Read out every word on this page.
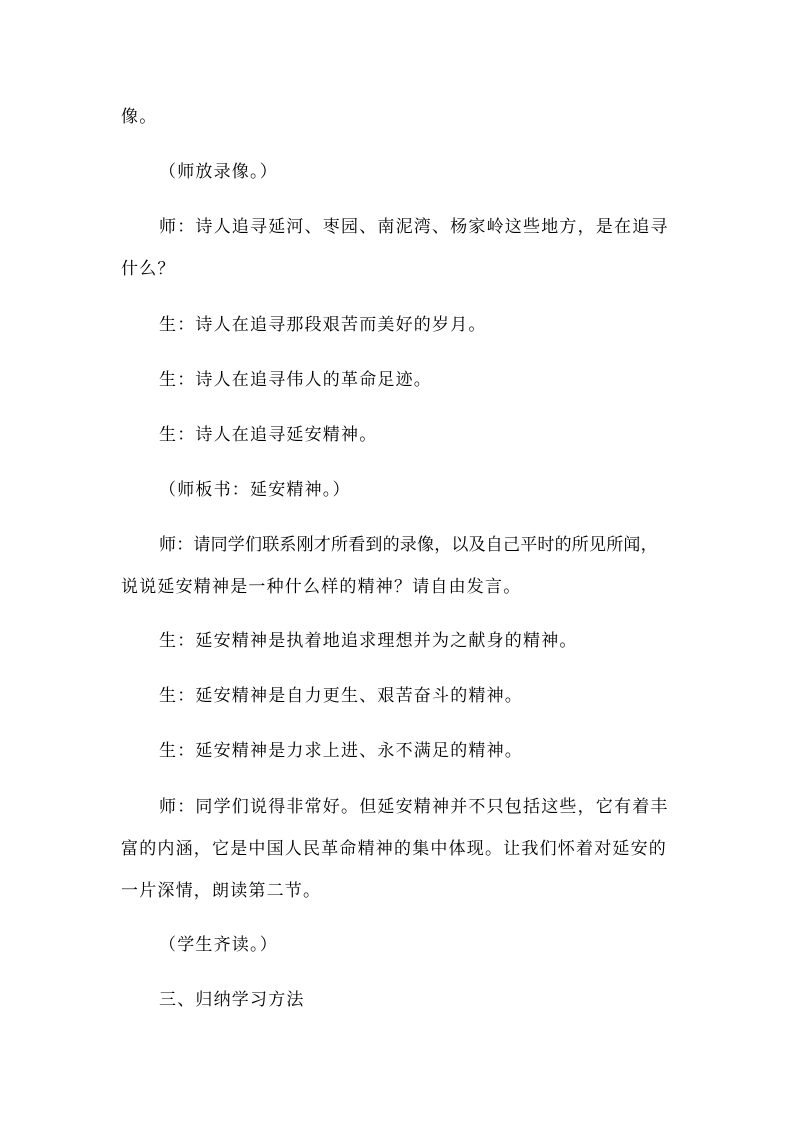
像。
（师放录像。）
师：诗人追寻延河、枣园、南泥湾、杨家岭这些地方，是在追寻
什么？
生：诗人在追寻那段艰苦而美好的岁月。
生：诗人在追寻伟人的革命足迹。
生：诗人在追寻延安精神。
（师板书：延安精神。）
师：请同学们联系刚才所看到的录像，以及自己平时的所见所闻，
说说延安精神是一种什么样的精神？请自由发言。
生：延安精神是执着地追求理想并为之献身的精神。
生：延安精神是自力更生、艰苦奋斗的精神。
生：延安精神是力求上进、永不满足的精神。
师：同学们说得非常好。但延安精神并不只包括这些，它有着丰
富的内涵，它是中国人民革命精神的集中体现。让我们怀着对延安的
一片深情，朗读第二节。
（学生齐读。）
三、归纳学习方法
